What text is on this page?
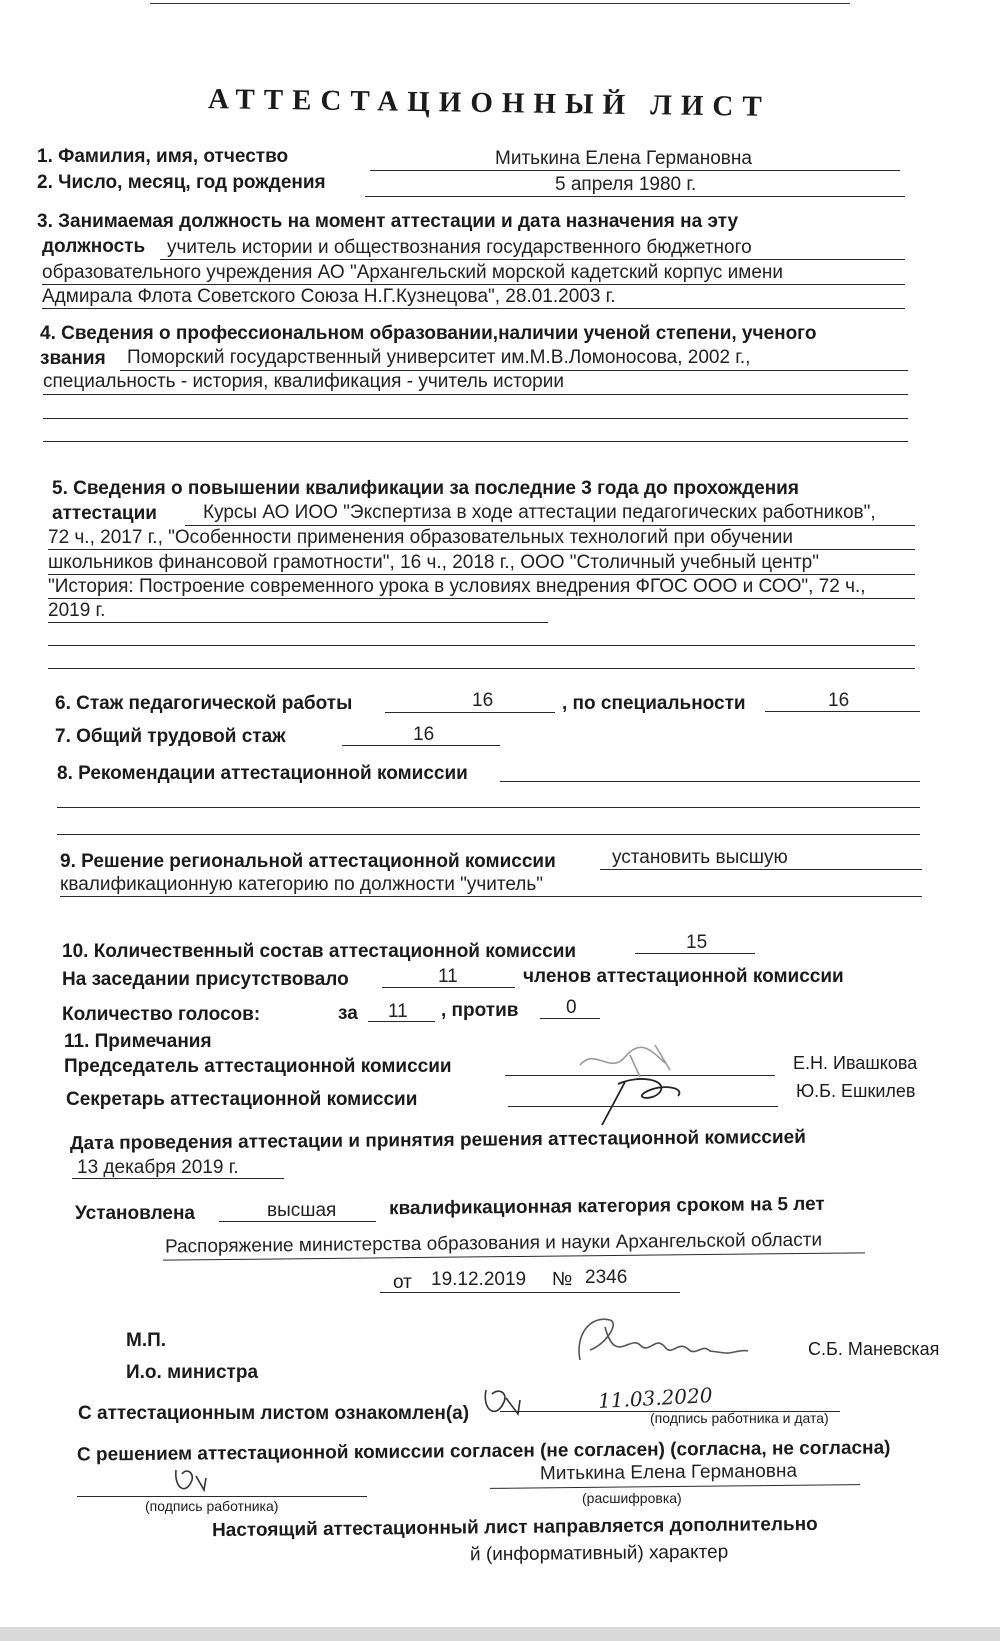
АТТЕСТАЦИОННЫЙ ЛИСТ
1. Фамилия, имя, отчество	Митькина Елена Германовна
2. Число, месяц, год рождения	5 апреля 1980 г.
3. Занимаемая должность на момент аттестации и дата назначения на эту
должность учитель истории и обществознания государственного бюджетного
образовательного учреждения АО "Архангельский морской кадетский корпус имени
Адмирала Флота Советского Союза Н.Г.Кузнецова", 28.01.2003 г.
4. Сведения о профессиональном образовании,наличии ученой степени, ученого
звания Поморский государственный университет им.М.В.Ломоносова, 2002 г.,
специальность - история, квалификация - учитель истории
5. Сведения о повышении квалификации за последние 3 года до прохождения
аттестации Курсы АО ИОО "Экспертиза в ходе аттестации педагогических работников",
72 ч., 2017 г., "Особенности применения образовательных технологий при обучении
школьников финансовой грамотности", 16 ч., 2018 г., ООО "Столичный учебный центр"
"История: Построение современного урока в условиях внедрения ФГОС ООО и СОО", 72 ч.,
2019 г.
6. Стаж педагогической работы	16	, по специальности	16
7. Общий трудовой стаж	16
8. Рекомендации аттестационной комиссии
9. Решение региональной аттестационной комиссии	установить высшую
квалификационную категорию по должности "учитель"
10. Количественный состав аттестационной комиссии	15
На заседании присутствовало	11	членов аттестационной комиссии
Количество голосов:	за 11 , против	0
11. Примечания
Председатель аттестационной комиссии	Е.Н. Ивашкова
Секретарь аттестационной комиссии	Ю.Б. Ешкилев
Дата проведения аттестации и принятия решения аттестационной комиссией
13 декабря 2019 г.
Установлена	высшая	квалификационная категория сроком на 5 лет
Распоряжение министерства образования и науки Архангельской области
от 19.12.2019 № 2346
М.П.
И.о. министра
С.Б. Маневская
С аттестационным листом ознакомлен(а)
11.03.2020
(подпись работника и дата)
С решением аттестационной комиссии согласен (не согласен) (согласна, не согласна)
Митькина Елена Германовна
(подпись работника)	(расшифровка)
Настоящий аттестационный лист направляется дополнительно
й (информативный) характер
